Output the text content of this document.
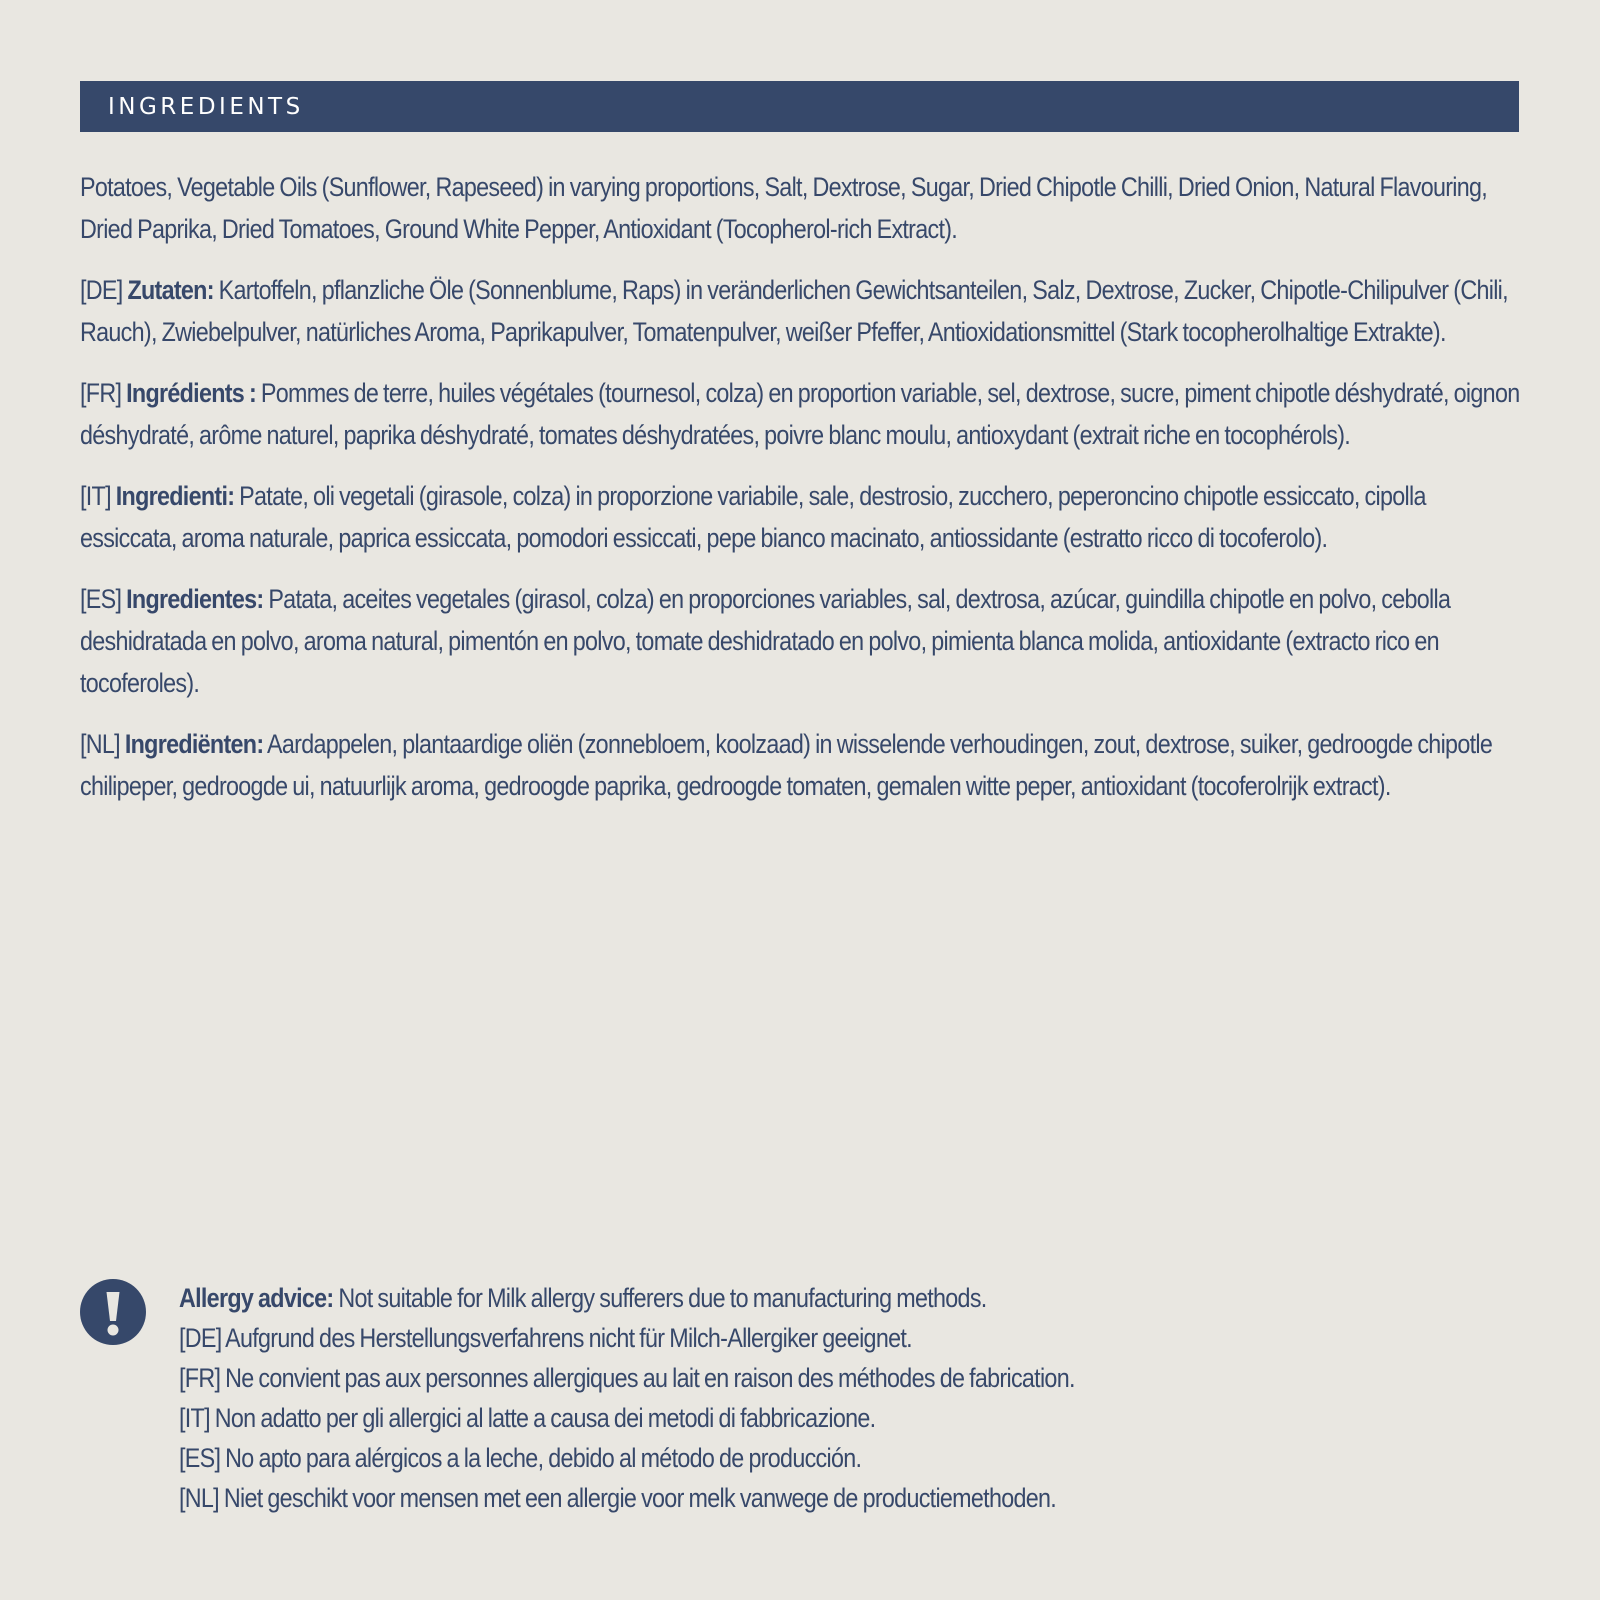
INGREDIENTS

Potatoes, Vegetable Oils (Sunflower, Rapeseed) in varying proportions, Salt, Dextrose, Sugar, Dried Chipotle Chilli, Dried Onion, Natural Flavouring, Dried Paprika, Dried Tomatoes, Ground White Pepper, Antioxidant (Tocopherol-rich Extract).

[DE] Zutaten: Kartoffeln, pflanzliche Öle (Sonnenblume, Raps) in veränderlichen Gewichtsanteilen, Salz, Dextrose, Zucker, Chipotle-Chilipulver (Chili, Rauch), Zwiebelpulver, natürliches Aroma, Paprikapulver, Tomatenpulver, weißer Pfeffer, Antioxidationsmittel (Stark tocopherolhaltige Extrakte).

[FR] Ingrédients : Pommes de terre, huiles végétales (tournesol, colza) en proportion variable, sel, dextrose, sucre, piment chipotle déshydraté, oignon déshydraté, arôme naturel, paprika déshydraté, tomates déshydratées, poivre blanc moulu, antioxydant (extrait riche en tocophérols).

[IT] Ingredienti: Patate, oli vegetali (girasole, colza) in proporzione variabile, sale, destrosio, zucchero, peperoncino chipotle essiccato, cipolla essiccata, aroma naturale, paprica essiccata, pomodori essiccati, pepe bianco macinato, antiossidante (estratto ricco di tocoferolo).

[ES] Ingredientes: Patata, aceites vegetales (girasol, colza) en proporciones variables, sal, dextrosa, azúcar, guindilla chipotle en polvo, cebolla deshidratada en polvo, aroma natural, pimentón en polvo, tomate deshidratado en polvo, pimienta blanca molida, antioxidante (extracto rico en tocoferoles).

[NL] Ingrediënten: Aardappelen, plantaardige oliën (zonnebloem, koolzaad) in wisselende verhoudingen, zout, dextrose, suiker, gedroogde chipotle chilipeper, gedroogde ui, natuurlijk aroma, gedroogde paprika, gedroogde tomaten, gemalen witte peper, antioxidant (tocoferolrijk extract).

Allergy advice: Not suitable for Milk allergy sufferers due to manufacturing methods.
[DE] Aufgrund des Herstellungsverfahrens nicht für Milch-Allergiker geeignet.
[FR] Ne convient pas aux personnes allergiques au lait en raison des méthodes de fabrication.
[IT] Non adatto per gli allergici al latte a causa dei metodi di fabbricazione.
[ES] No apto para alérgicos a la leche, debido al método de producción.
[NL] Niet geschikt voor mensen met een allergie voor melk vanwege de productiemethoden.
